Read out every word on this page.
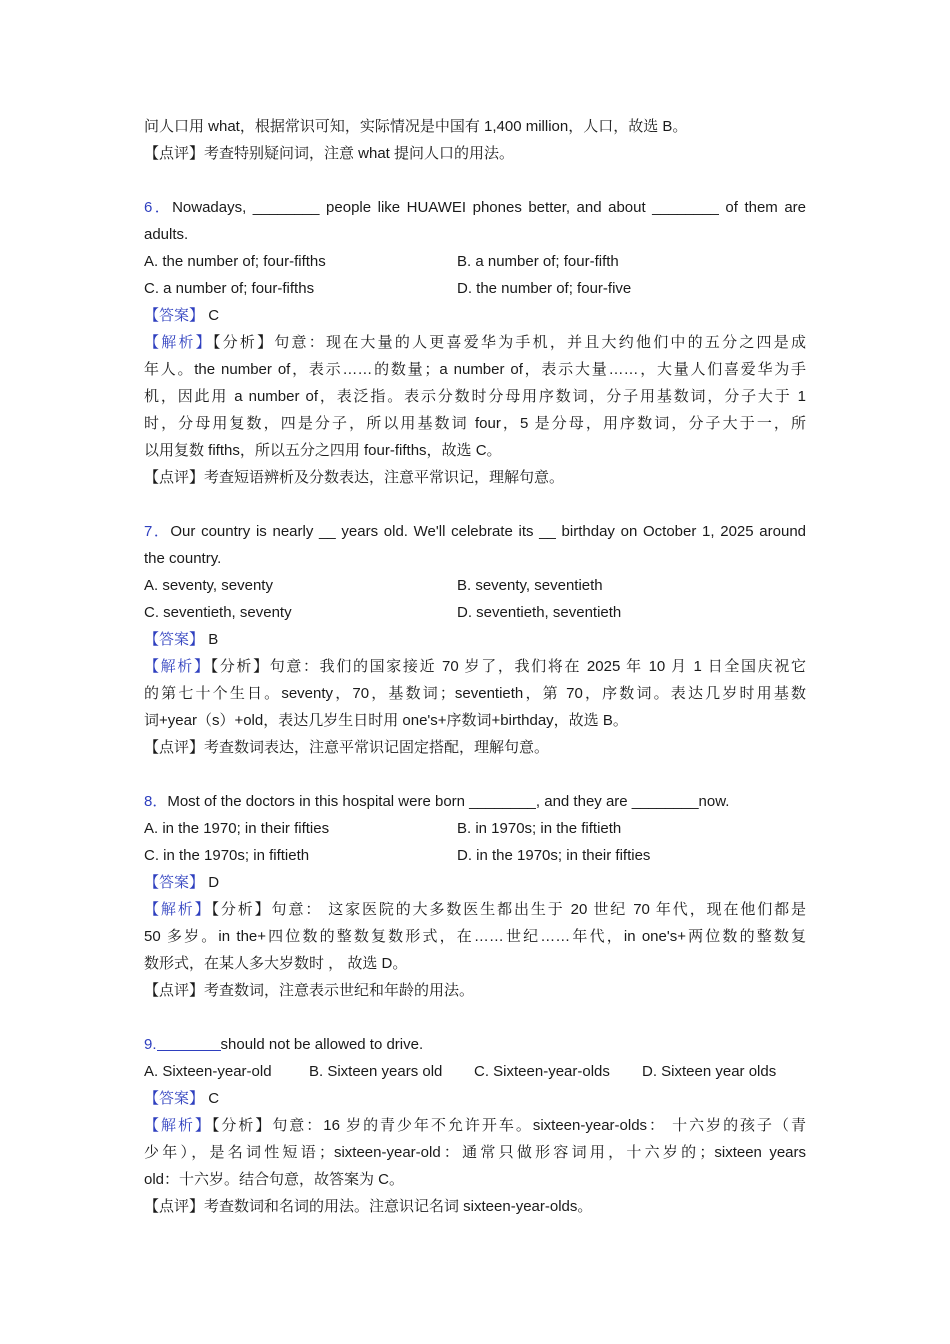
问人口用 what，根据常识可知，实际情况是中国有 1,400 million，人口，故选 B。
【点评】考查特别疑问词，注意 what 提问人口的用法。
6．Nowadays, ________ people like HUAWEI phones better, and about ________ of them are
adults.
A. the number of; four-fifths	B. a number of; four-fifth
C. a number of; four-fifths	D. the number of; four-five
【答案】 C
【解析】【分析】句意：现在大量的人更喜爱华为手机，并且大约他们中的五分之四是成
年人。the number of，表示……的数量；a number of，表示大量……，大量人们喜爱华为手
机，因此用 a number of，表泛指。表示分数时分母用序数词，分子用基数词，分子大于 1
时，分母用复数，四是分子，所以用基数词 four，5 是分母，用序数词，分子大于一，所
以用复数 fifths，所以五分之四用 four-fifths，故选 C。
【点评】考查短语辨析及分数表达，注意平常识记，理解句意。
7．Our country is nearly __ years old. We'll celebrate its __ birthday on October 1, 2025 around
the country.
A. seventy, seventy	B. seventy, seventieth
C. seventieth, seventy	D. seventieth, seventieth
【答案】 B
【解析】【分析】句意：我们的国家接近 70 岁了，我们将在 2025 年 10 月 1 日全国庆祝它
的第七十个生日。seventy，70，基数词；seventieth，第 70，序数词。表达几岁时用基数
词+year（s）+old，表达几岁生日时用 one's+序数词+birthday，故选 B。
【点评】考查数词表达，注意平常识记固定搭配，理解句意。
8．Most of the doctors in this hospital were born ________, and they are ________now.
A. in the 1970; in their fifties	B. in 1970s; in the fiftieth
C. in the 1970s; in fiftieth	D. in the 1970s; in their fifties
【答案】 D
【解析】【分析】句意： 这家医院的大多数医生都出生于 20 世纪 70 年代，现在他们都是
50 多岁。in the+四位数的整数复数形式，在……世纪……年代，in one's+两位数的整数复
数形式，在某人多大岁数时 ， 故选 D。
【点评】考查数词，注意表示世纪和年龄的用法。
9.	should not be allowed to drive.
A. Sixteen-year-old	B. Sixteen years old	C. Sixteen-year-olds	D. Sixteen year olds
【答案】 C
【解析】【分析】句意：16 岁的青少年不允许开车。sixteen-year-olds： 十六岁的孩子（青
少年），是名词性短语；sixteen-year-old：通常只做形容词用，十六岁的；sixteen years
old：十六岁。结合句意，故答案为 C。
【点评】考查数词和名词的用法。注意识记名词 sixteen-year-olds。
